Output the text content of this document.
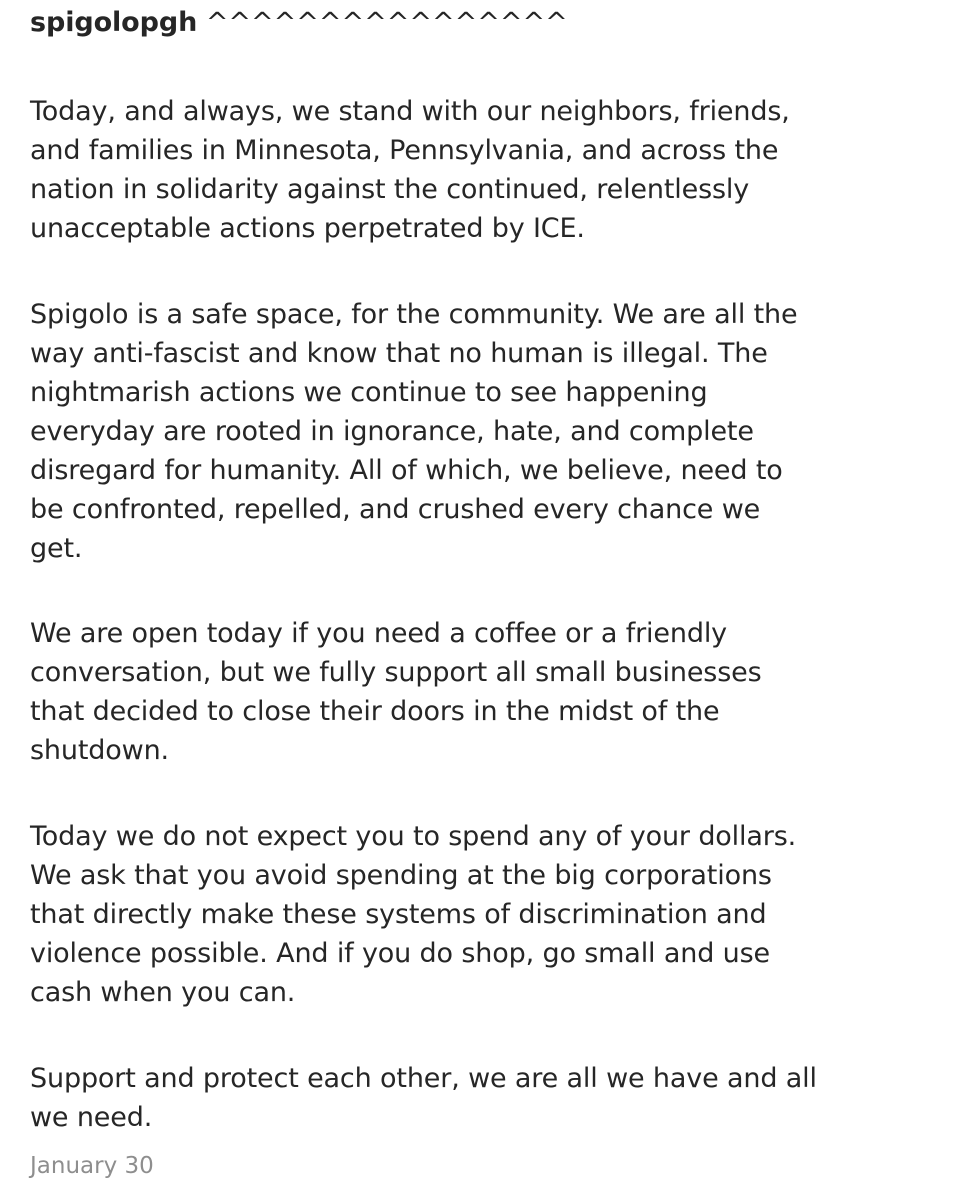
spigolopgh ^^^^^^^^^^^^^^^^

Today, and always, we stand with our neighbors, friends,
and families in Minnesota, Pennsylvania, and across the
nation in solidarity against the continued, relentlessly
unacceptable actions perpetrated by ICE.

Spigolo is a safe space, for the community. We are all the
way anti-fascist and know that no human is illegal. The
nightmarish actions we continue to see happening
everyday are rooted in ignorance, hate, and complete
disregard for humanity. All of which, we believe, need to
be confronted, repelled, and crushed every chance we
get.

We are open today if you need a coffee or a friendly
conversation, but we fully support all small businesses
that decided to close their doors in the midst of the
shutdown.

Today we do not expect you to spend any of your dollars.
We ask that you avoid spending at the big corporations
that directly make these systems of discrimination and
violence possible. And if you do shop, go small and use
cash when you can.

Support and protect each other, we are all we have and all
we need.

January 30
